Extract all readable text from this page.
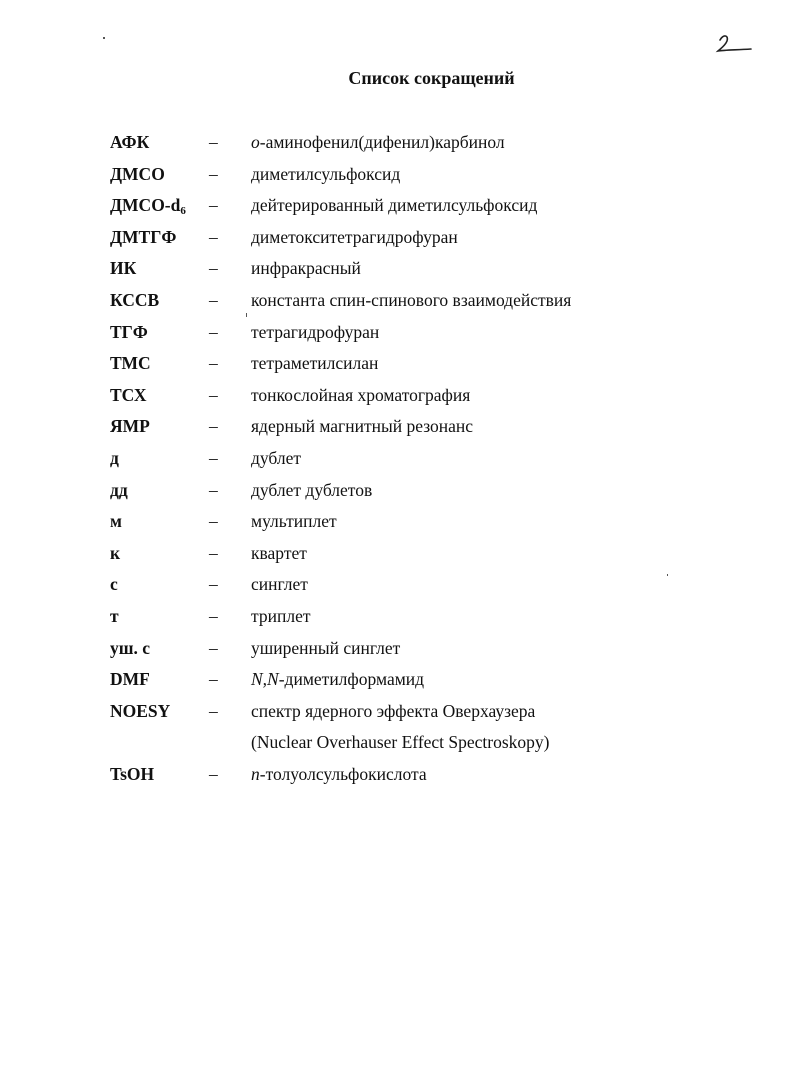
Список сокращений
АФК	– о-аминофенил(дифенил)карбинол
ДМСО	– диметилсульфоксид
ДМСО-$d_6$ – дейтерированный диметилсульфоксид
ДМТГФ – диметокситетрагидрофуран
ИК	– инфракрасный
КССВ	– константа спин-спинового взаимодействия
ТГФ	– тетрагидрофуран
ТМС	– тетраметилсилан
ТСХ	– тонкослойная хроматография
ЯМР	– ядерный магнитный резонанс
д	– дублет
дд	– дублет дублетов
м	– мультиплет
к	– квартет
с	– синглет
т	– триплет
уш. с	– уширенный синглет
DMF	– N,N-диметилформамид
NOESY – спектр ядерного эффекта Оверхаузера
(Nuclear Overhauser Effect Spectroskopy)
TsOH	– п-толуолсульфокислота
